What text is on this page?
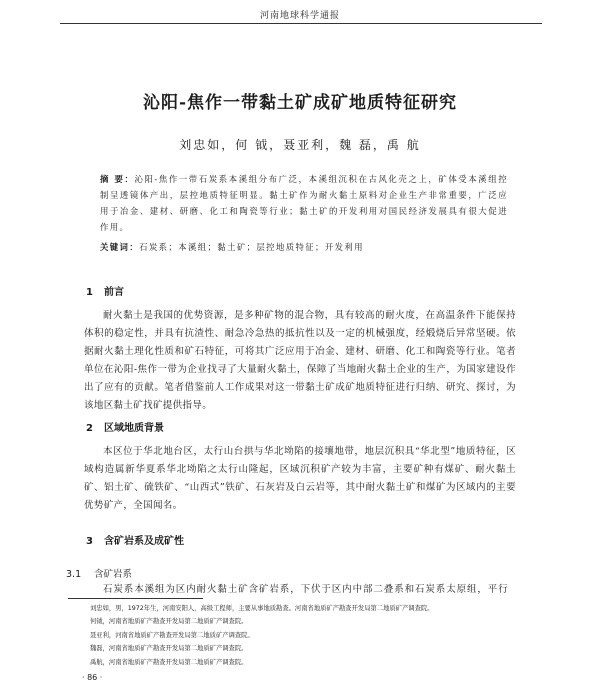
河南地球科学通报
沁阳-焦作一带黏土矿成矿地质特征研究
刘忠如，何 钺，聂亚利，魏 磊，禹 航

摘 要：沁阳-焦作一带石炭系本溪组分布广泛，本溪组沉积在古风化壳之上，矿体受本溪组控制呈透镜体产出，层控地质特征明显。黏土矿作为耐火黏土原料对企业生产非常重要，广泛应用于冶金、建材、研磨、化工和陶瓷等行业；黏土矿的开发利用对国民经济发展具有很大促进作用。

关键词：石炭系；本溪组；黏土矿；层控地质特征；开发利用

1 前言

耐火黏土是我国的优势资源，是多种矿物的混合物，具有较高的耐火度，在高温条件下能保持体积的稳定性，并具有抗渣性、耐急冷急热的抵抗性以及一定的机械强度，经煅烧后异常坚硬。依据耐火黏土理化性质和矿石特征，可将其广泛应用于冶金、建材、研磨、化工和陶瓷等行业。笔者单位在沁阳-焦作一带为企业找寻了大量耐火黏土，保障了当地耐火黏土企业的生产，为国家建设作出了应有的贡献。笔者借鉴前人工作成果对这一带黏土矿成矿地质特征进行归纳、研究、探讨，为该地区黏土矿找矿提供指导。

2 区域地质背景

本区位于华北地台区，太行山台拱与华北坳陷的接壤地带，地层沉积具“华北型”地质特征，区域构造属新华夏系华北坳陷之太行山隆起，区域沉积矿产较为丰富，主要矿种有煤矿、耐火黏土矿、铝土矿、硫铁矿、“山西式”铁矿、石灰岩及白云岩等，其中耐火黏土矿和煤矿为区域内的主要优势矿产，全国闻名。

3 含矿岩系及成矿性
3.1 含矿岩系

石炭系本溪组为区内耐火黏土矿含矿岩系，下伏于区内中部二叠系和石炭系太原组，平行

刘忠如，男，1972年生，河南安阳人，高级工程师，主要从事地质勘查。河南省地质矿产勘查开发局第二地质矿产调查院。
何钺，河南省地质矿产勘查开发局第二地质矿产调查院。
聂亚利，河南省地质矿产勘查开发局第二地质矿产调查院。
魏磊，河南省地质矿产勘查开发局第二地质矿产调查院。
禹航，河南省地质矿产勘查开发局第二地质矿产调查院。
· 86 ·
